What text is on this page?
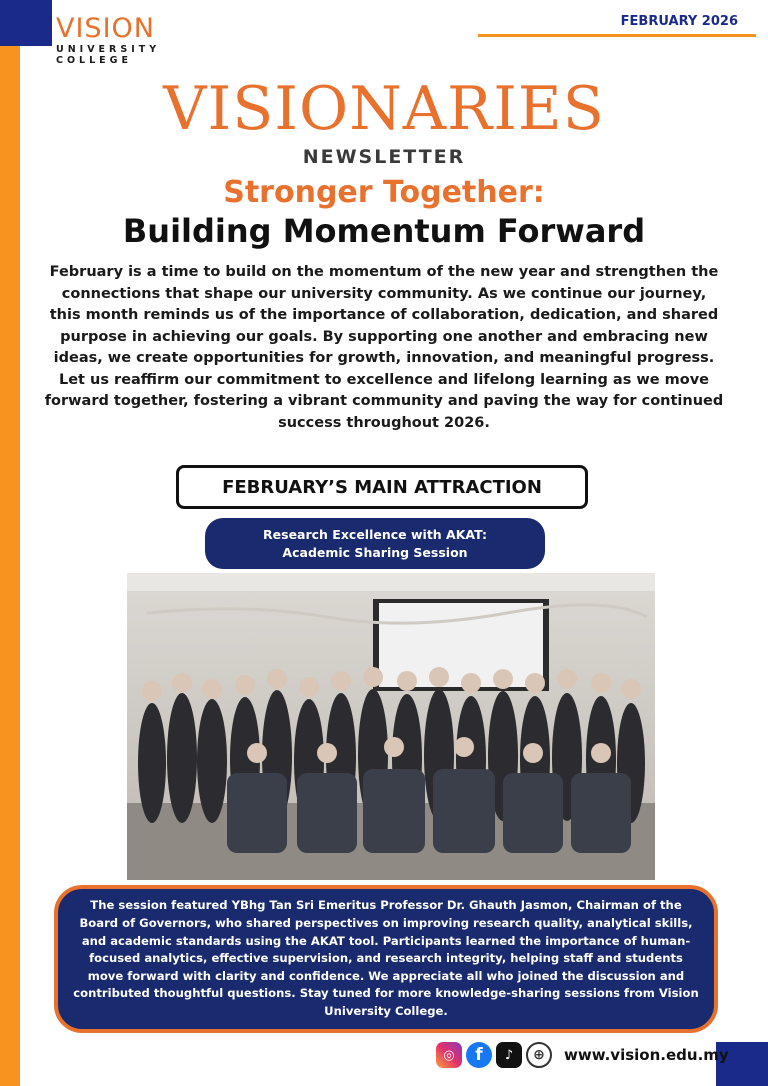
VISION
UNIVERSITY
COLLEGE
FEBRUARY 2026
VISIONARIES
NEWSLETTER
Stronger Together:
Building Momentum Forward
February is a time to build on the momentum of the new year and strengthen the connections that shape our university community. As we continue our journey, this month reminds us of the importance of collaboration, dedication, and shared purpose in achieving our goals. By supporting one another and embracing new ideas, we create opportunities for growth, innovation, and meaningful progress. Let us reaffirm our commitment to excellence and lifelong learning as we move forward together, fostering a vibrant community and paving the way for continued success throughout 2026.
FEBRUARY’S MAIN ATTRACTION
Research Excellence with AKAT:
Academic Sharing Session
The session featured YBhg Tan Sri Emeritus Professor Dr. Ghauth Jasmon, Chairman of the Board of Governors, who shared perspectives on improving research quality, analytical skills, and academic standards using the AKAT tool. Participants learned the importance of human-focused analytics, effective supervision, and research integrity, helping staff and students move forward with clarity and confidence. We appreciate all who joined the discussion and contributed thoughtful questions. Stay tuned for more knowledge-sharing sessions from Vision University College.
◎	f	♪	⊕	www.vision.edu.my
